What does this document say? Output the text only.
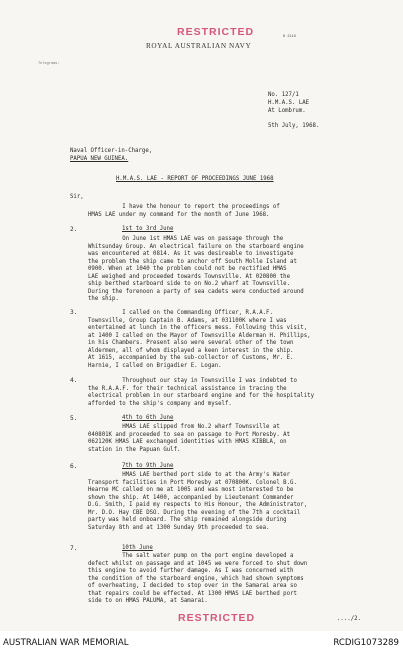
RESTRICTED	N 2119
ROYAL AUSTRALIAN NAVY
Telegrams:
No. 127/1
H.M.A.S. LAE
At Lombrum.
5th July, 1968.
Naval Officer-in-Charge,
PAPUA NEW GUINEA.
H.M.A.S. LAE - REPORT OF PROCEEDINGS JUNE 1968
Sir,
I have the honour to report the proceedings of
HMAS LAE under my command for the month of June 1968.
2.	1st to 3rd June
On June 1st HMAS LAE was on passage through the
Whitsunday Group. An electrical failure on the starboard engine
was encountered at 0814. As it was desireable to investigate
the problem the ship came to anchor off South Molle Island at
0900. When at 1040 the problem could not be rectified HMAS
LAE weighed and proceeded towards Townsville. At 020800 the
ship berthed starboard side to on No.2 wharf at Townsville.
During the forenoon a party of sea cadets were conducted around
the ship.
3.	I called on the Commanding Officer, R.A.A.F.
Townsville, Group Captain B. Adams, at 031100K where I was
entertained at lunch in the officers mess. Following this visit,
at 1400 I called on the Mayor of Townsville Alderman H. Phillips,
in his Chambers. Present also were several other of the town
Aldermen, all of whom displayed a keen interest in the ship.
At 1615, accompanied by the sub-collector of Customs, Mr. E.
Harnie, I called on Brigadier E. Logan.
4.	Throughout our stay in Townsville I was indebted to
the R.A.A.F. for their technical assistance in tracing the
electrical problem in our starboard engine and for the hospitality
afforded to the ship's company and myself.
5.	4th to 6th June
HMAS LAE slipped from No.2 wharf Townsville at
040801K and proceeded to sea on passage to Port Moresby. At
062120K HMAS LAE exchanged identities with HMAS KIBBLA, on
station in the Papuan Gulf.
6.	7th to 9th June
HMAS LAE berthed port side to at the Army's Water
Transport facilities in Port Moresby at 070800K. Colonel B.G.
Hearne MC called on me at 1005 and was most interested to be
shown the ship. At 1400, accompanied by Lieutenant Commander
D.G. Smith, I paid my respects to His Honour, the Administrator,
Mr. D.O. Hay CBE DSO. During the evening of the 7th a cocktail
party was held onboard. The ship remained alongside during
Saturday 8th and at 1300 Sunday 9th proceeded to sea.
7.	10th June
The salt water pump on the port engine developed a
defect whilst on passage and at 1045 we were forced to shut down
this engine to avoid further damage. As I was concerned with
the condition of the starboard engine, which had shown symptoms
of overheating, I decided to stop over in the Samarai area so
that repairs could be effected. At 1300 HMAS LAE berthed port
side to on HMAS PALUMA, at Samarai.
RESTRICTED	..../2.
AUSTRALIAN WAR MEMORIAL	RCDIG1073289
